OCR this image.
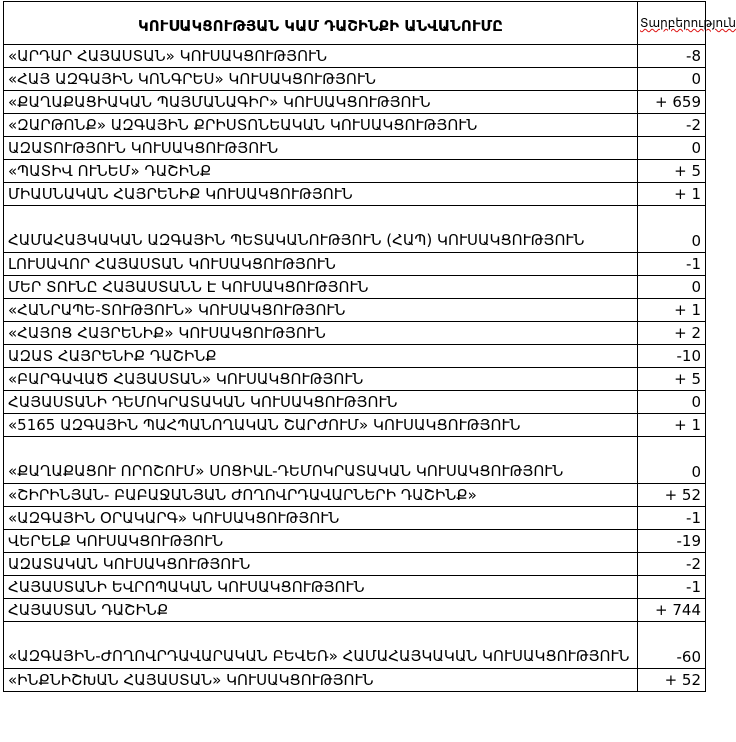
ԿՈՒՍԱԿՑՈՒԹՅԱՆ ԿԱՄ ԴԱՇԻՆՔԻ ԱՆՎԱՆՈՒՄԸ	Տարբերություն
«ԱՐԴԱՐ ՀԱՅԱՍՏԱՆ» ԿՈՒՍԱԿՑՈՒԹՅՈՒՆ	-8
«ՀԱՅ ԱԶԳԱՅԻՆ ԿՈՆԳՐԵՍ» ԿՈՒՍԱԿՑՈՒԹՅՈՒՆ	0
«ՔԱՂԱՔԱՑԻԱԿԱՆ ՊԱՅՄԱՆԱԳԻՐ» ԿՈՒՍԱԿՑՈՒԹՅՈՒՆ	+ 659
«ԶԱՐԹՈՆՔ» ԱԶԳԱՅԻՆ ՔՐԻՍՏՈՆԵԱԿԱՆ ԿՈՒՍԱԿՑՈՒԹՅՈՒՆ	-2
ԱԶԱՏՈՒԹՅՈՒՆ ԿՈՒՍԱԿՑՈՒԹՅՈՒՆ	0
«ՊԱՏԻՎ ՈՒՆԵՄ» ԴԱՇԻՆՔ	+ 5
ՄԻԱՍՆԱԿԱՆ ՀԱՅՐԵՆԻՔ ԿՈՒՍԱԿՑՈՒԹՅՈՒՆ	+ 1
ՀԱՄԱՀԱՅԿԱԿԱՆ ԱԶԳԱՅԻՆ ՊԵՏԱԿԱՆՈՒԹՅՈՒՆ (ՀԱՊ) ԿՈՒՍԱԿՑՈՒԹՅՈՒՆ	0
ԼՈՒՍԱՎՈՐ ՀԱՅԱՍՏԱՆ ԿՈՒՍԱԿՑՈՒԹՅՈՒՆ	-1
ՄԵՐ ՏՈՒՆԸ ՀԱՅԱՍՏԱՆՆ Է ԿՈՒՍԱԿՑՈՒԹՅՈՒՆ	0
«ՀԱՆՐԱՊԵ-ՏՈՒԹՅՈՒՆ» ԿՈՒՍԱԿՑՈՒԹՅՈՒՆ	+ 1
«ՀԱՅՈՑ ՀԱՅՐԵՆԻՔ» ԿՈՒՍԱԿՑՈՒԹՅՈՒՆ	+ 2
ԱԶԱՏ ՀԱՅՐԵՆԻՔ ԴԱՇԻՆՔ	-10
«ԲԱՐԳԱՎԱԾ ՀԱՅԱՍՏԱՆ» ԿՈՒՍԱԿՑՈՒԹՅՈՒՆ	+ 5
ՀԱՅԱՍՏԱՆԻ ԴԵՄՈԿՐԱՏԱԿԱՆ ԿՈՒՍԱԿՑՈՒԹՅՈՒՆ	0
«5165 ԱԶԳԱՅԻՆ ՊԱՀՊԱՆՈՂԱԿԱՆ ՇԱՐԺՈՒՄ» ԿՈՒՍԱԿՑՈՒԹՅՈՒՆ	+ 1
«ՔԱՂԱՔԱՑՈՒ ՈՐՈՇՈՒՄ» ՍՈՑԻԱԼ-ԴԵՄՈԿՐԱՏԱԿԱՆ ԿՈՒՍԱԿՑՈՒԹՅՈՒՆ	0
«ՇԻՐԻՆՅԱՆ- ԲԱԲԱՋԱՆՅԱՆ ԺՈՂՈՎՐԴԱՎԱՐՆԵՐԻ ԴԱՇԻՆՔ»	+ 52
«ԱԶԳԱՅԻՆ ՕՐԱԿԱՐԳ» ԿՈՒՍԱԿՑՈՒԹՅՈՒՆ	-1
ՎԵՐԵԼՔ ԿՈՒՍԱԿՑՈՒԹՅՈՒՆ	-19
ԱԶԱՏԱԿԱՆ ԿՈՒՍԱԿՑՈՒԹՅՈՒՆ	-2
ՀԱՅԱՍՏԱՆԻ ԵՎՐՈՊԱԿԱՆ ԿՈՒՍԱԿՑՈՒԹՅՈՒՆ	-1
ՀԱՅԱՍՏԱՆ ԴԱՇԻՆՔ	+ 744
«ԱԶԳԱՅԻՆ-ԺՈՂՈՎՐԴԱՎԱՐԱԿԱՆ ԲԵՎԵՌ» ՀԱՄԱՀԱՅԿԱԿԱՆ ԿՈՒՍԱԿՑՈՒԹՅՈՒՆ	-60
«ԻՆՔՆԻՇԽԱՆ ՀԱՅԱՍՏԱՆ» ԿՈՒՍԱԿՑՈՒԹՅՈՒՆ	+ 52
